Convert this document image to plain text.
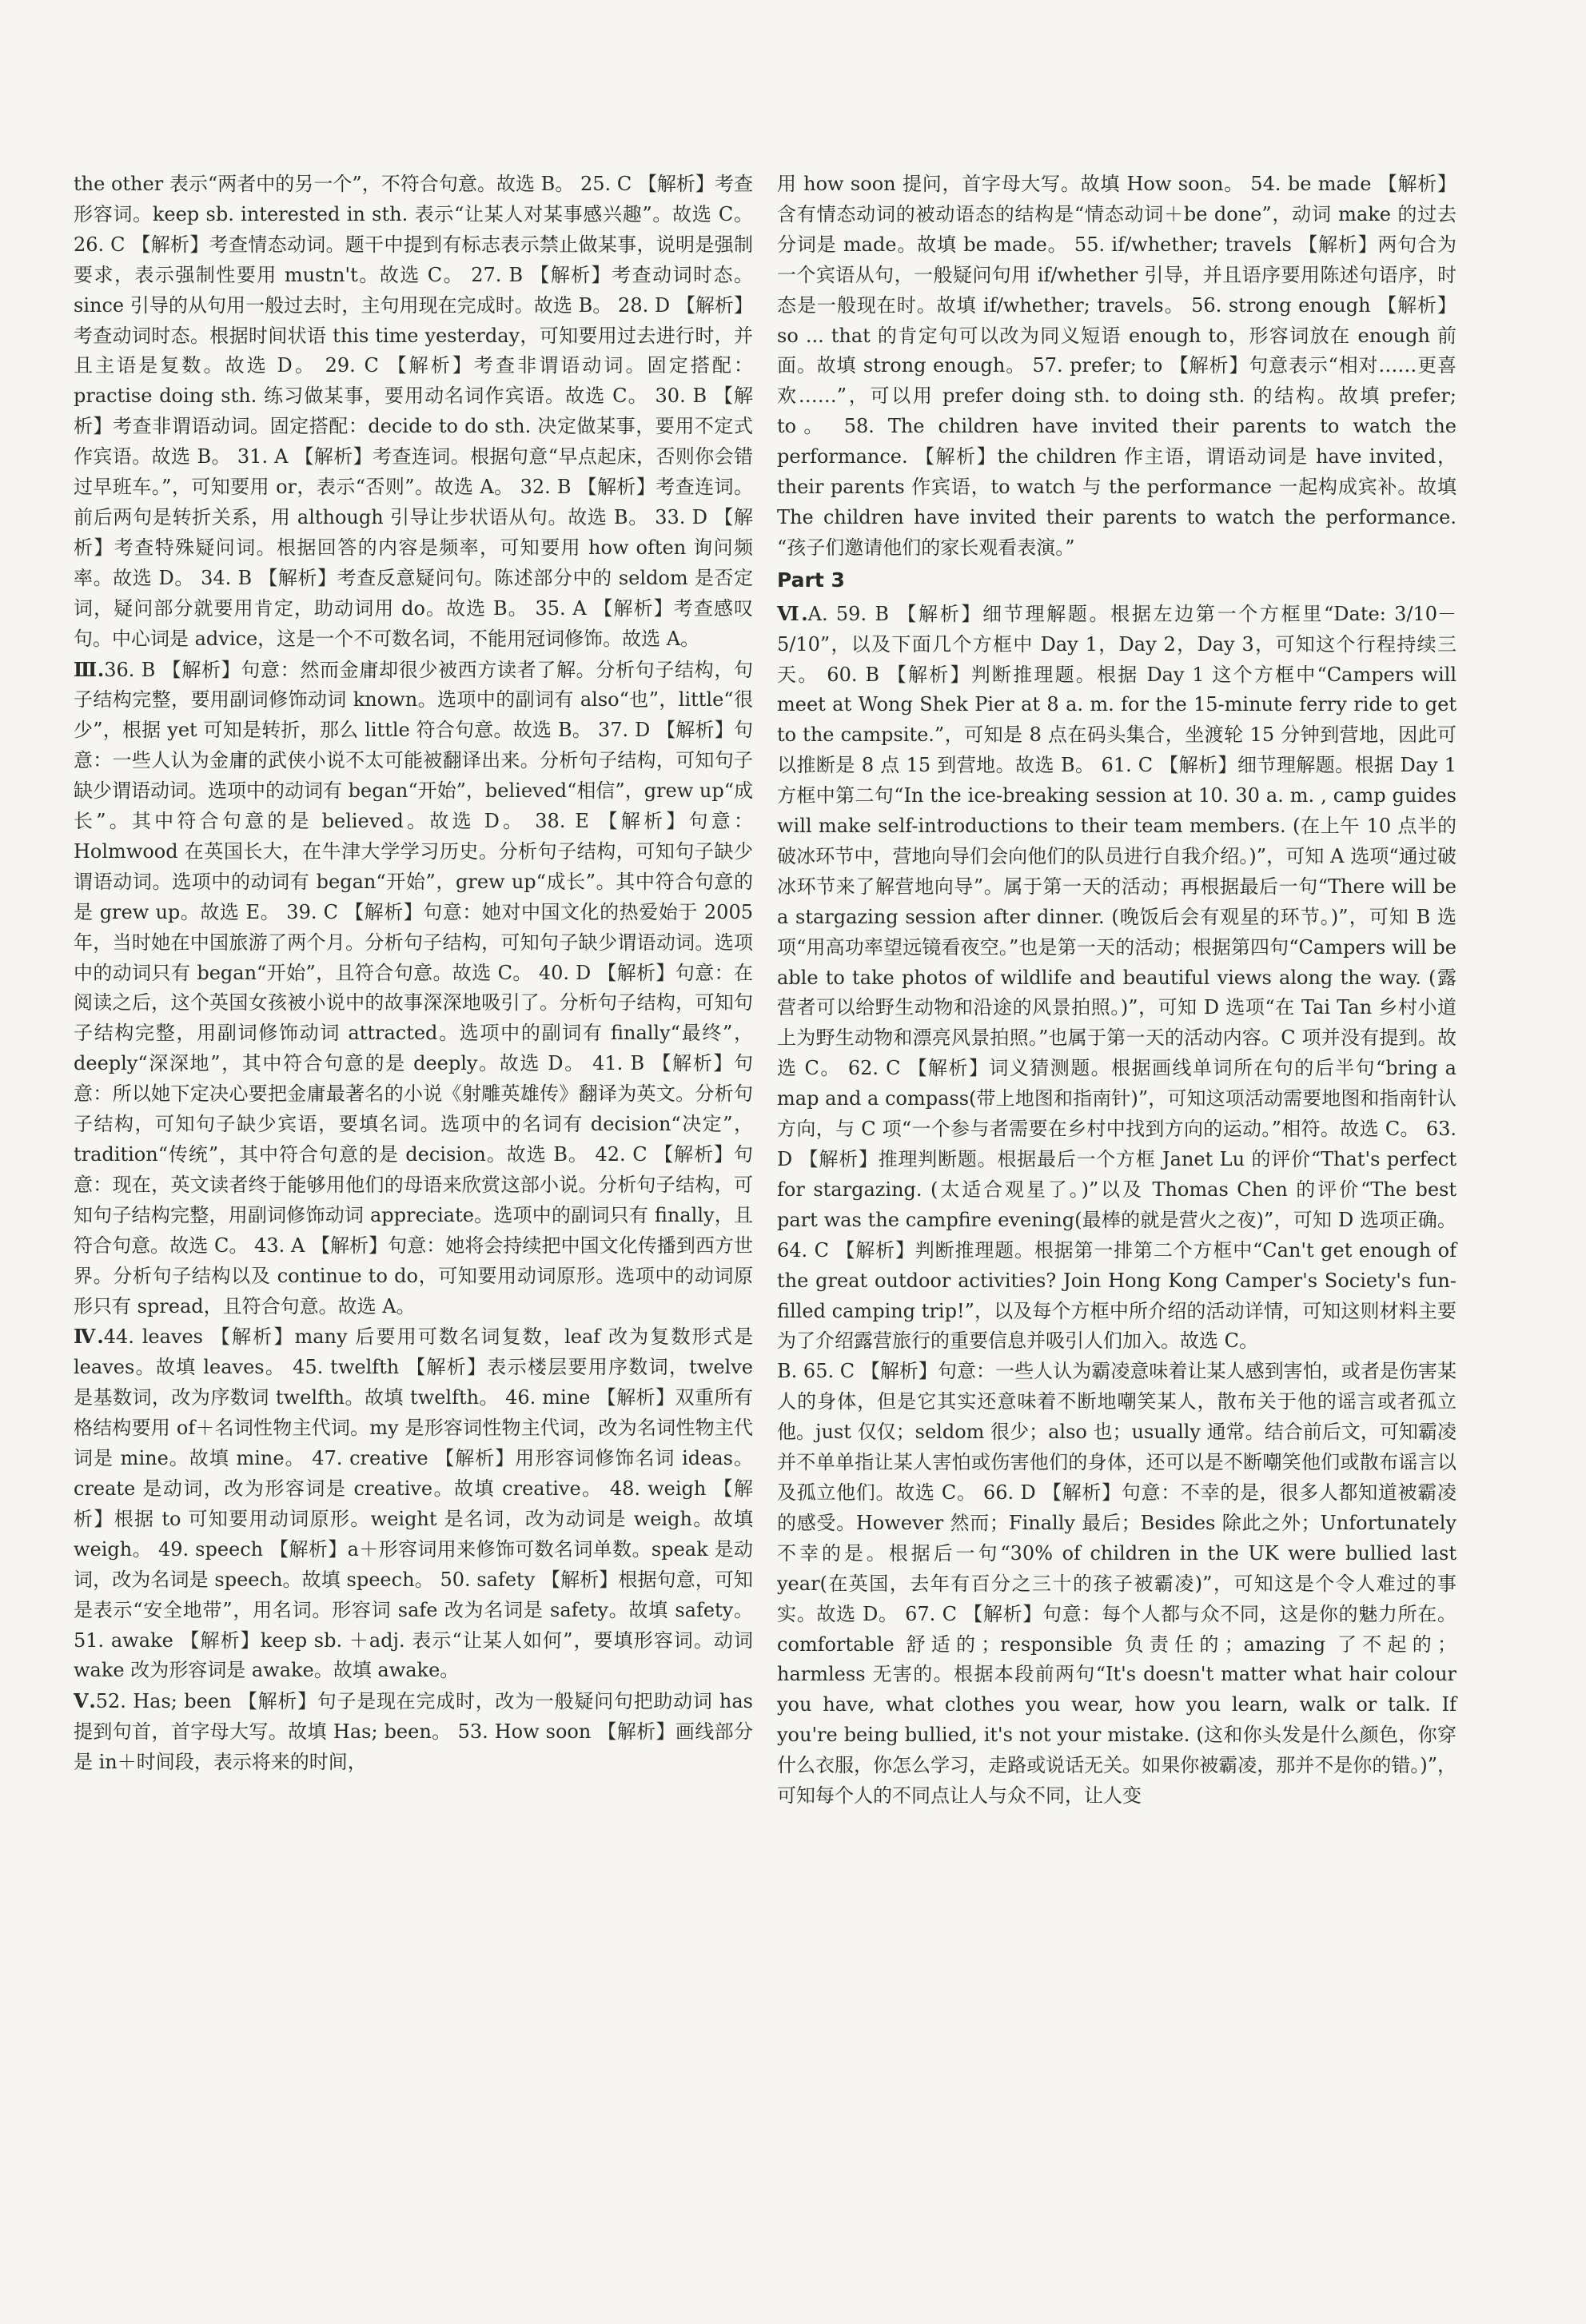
the other 表示“两者中的另一个”，不符合句意。故选 B。 25. C 【解析】考查形容词。keep sb. interested in sth. 表示“让某人对某事感兴趣”。故选 C。 26. C 【解析】考查情态动词。题干中提到有标志表示禁止做某事，说明是强制要求，表示强制性要用 mustn't。故选 C。 27. B 【解析】考查动词时态。since 引导的从句用一般过去时，主句用现在完成时。故选 B。 28. D 【解析】考查动词时态。根据时间状语 this time yesterday，可知要用过去进行时，并且主语是复数。故选 D。 29. C 【解析】考查非谓语动词。固定搭配：practise doing sth. 练习做某事，要用动名词作宾语。故选 C。 30. B 【解析】考查非谓语动词。固定搭配：decide to do sth. 决定做某事，要用不定式作宾语。故选 B。 31. A 【解析】考查连词。根据句意“早点起床，否则你会错过早班车。”，可知要用 or，表示“否则”。故选 A。 32. B 【解析】考查连词。前后两句是转折关系，用 although 引导让步状语从句。故选 B。 33. D 【解析】考查特殊疑问词。根据回答的内容是频率，可知要用 how often 询问频率。故选 D。 34. B 【解析】考查反意疑问句。陈述部分中的 seldom 是否定词，疑问部分就要用肯定，助动词用 do。故选 B。 35. A 【解析】考查感叹句。中心词是 advice，这是一个不可数名词，不能用冠词修饰。故选 A。

Ⅲ.36. B 【解析】句意：然而金庸却很少被西方读者了解。分析句子结构，句子结构完整，要用副词修饰动词 known。选项中的副词有 also“也”，little“很少”，根据 yet 可知是转折，那么 little 符合句意。故选 B。 37. D 【解析】句意：一些人认为金庸的武侠小说不太可能被翻译出来。分析句子结构，可知句子缺少谓语动词。选项中的动词有 began“开始”，believed“相信”，grew up“成长”。其中符合句意的是 believed。故选 D。 38. E 【解析】句意：Holmwood 在英国长大，在牛津大学学习历史。分析句子结构，可知句子缺少谓语动词。选项中的动词有 began“开始”，grew up“成长”。其中符合句意的是 grew up。故选 E。 39. C 【解析】句意：她对中国文化的热爱始于 2005 年，当时她在中国旅游了两个月。分析句子结构，可知句子缺少谓语动词。选项中的动词只有 began“开始”，且符合句意。故选 C。 40. D 【解析】句意：在阅读之后，这个英国女孩被小说中的故事深深地吸引了。分析句子结构，可知句子结构完整，用副词修饰动词 attracted。选项中的副词有 finally“最终”，deeply“深深地”，其中符合句意的是 deeply。故选 D。 41. B 【解析】句意：所以她下定决心要把金庸最著名的小说《射雕英雄传》翻译为英文。分析句子结构，可知句子缺少宾语，要填名词。选项中的名词有 decision“决定”，tradition“传统”，其中符合句意的是 decision。故选 B。 42. C 【解析】句意：现在，英文读者终于能够用他们的母语来欣赏这部小说。分析句子结构，可知句子结构完整，用副词修饰动词 appreciate。选项中的副词只有 finally，且符合句意。故选 C。 43. A 【解析】句意：她将会持续把中国文化传播到西方世界。分析句子结构以及 continue to do，可知要用动词原形。选项中的动词原形只有 spread，且符合句意。故选 A。

Ⅳ.44. leaves 【解析】many 后要用可数名词复数，leaf 改为复数形式是 leaves。故填 leaves。 45. twelfth 【解析】表示楼层要用序数词，twelve 是基数词，改为序数词 twelfth。故填 twelfth。 46. mine 【解析】双重所有格结构要用 of＋名词性物主代词。my 是形容词性物主代词，改为名词性物主代词是 mine。故填 mine。 47. creative 【解析】用形容词修饰名词 ideas。create 是动词，改为形容词是 creative。故填 creative。 48. weigh 【解析】根据 to 可知要用动词原形。weight 是名词，改为动词是 weigh。故填 weigh。 49. speech 【解析】a＋形容词用来修饰可数名词单数。speak 是动词，改为名词是 speech。故填 speech。 50. safety 【解析】根据句意，可知是表示“安全地带”，用名词。形容词 safe 改为名词是 safety。故填 safety。 51. awake 【解析】keep sb. ＋adj. 表示“让某人如何”，要填形容词。动词 wake 改为形容词是 awake。故填 awake。

Ⅴ.52. Has; been 【解析】句子是现在完成时，改为一般疑问句把助动词 has 提到句首，首字母大写。故填 Has; been。 53. How soon 【解析】画线部分是 in＋时间段，表示将来的时间，

用 how soon 提问，首字母大写。故填 How soon。 54. be made 【解析】含有情态动词的被动语态的结构是“情态动词＋be done”，动词 make 的过去分词是 made。故填 be made。 55. if/whether; travels 【解析】两句合为一个宾语从句，一般疑问句用 if/whether 引导，并且语序要用陈述句语序，时态是一般现在时。故填 if/whether; travels。 56. strong enough 【解析】so ... that 的肯定句可以改为同义短语 enough to，形容词放在 enough 前面。故填 strong enough。 57. prefer; to 【解析】句意表示“相对……更喜欢……”，可以用 prefer doing sth. to doing sth. 的结构。故填 prefer; to。 58. The children have invited their parents to watch the performance. 【解析】the children 作主语，谓语动词是 have invited，their parents 作宾语，to watch 与 the performance 一起构成宾补。故填 The children have invited their parents to watch the performance. “孩子们邀请他们的家长观看表演。”

Part 3

Ⅵ.A. 59. B 【解析】细节理解题。根据左边第一个方框里“Date: 3/10－5/10”，以及下面几个方框中 Day 1，Day 2，Day 3，可知这个行程持续三天。 60. B 【解析】判断推理题。根据 Day 1 这个方框中“Campers will meet at Wong Shek Pier at 8 a. m. for the 15-minute ferry ride to get to the campsite.”，可知是 8 点在码头集合，坐渡轮 15 分钟到营地，因此可以推断是 8 点 15 到营地。故选 B。 61. C 【解析】细节理解题。根据 Day 1 方框中第二句“In the ice-breaking session at 10. 30 a. m. , camp guides will make self-introductions to their team members. (在上午 10 点半的破冰环节中，营地向导们会向他们的队员进行自我介绍。)”，可知 A 选项“通过破冰环节来了解营地向导”。属于第一天的活动；再根据最后一句“There will be a stargazing session after dinner. (晚饭后会有观星的环节。)”，可知 B 选项“用高功率望远镜看夜空。”也是第一天的活动；根据第四句“Campers will be able to take photos of wildlife and beautiful views along the way. (露营者可以给野生动物和沿途的风景拍照。)”，可知 D 选项“在 Tai Tan 乡村小道上为野生动物和漂亮风景拍照。”也属于第一天的活动内容。C 项并没有提到。故选 C。 62. C 【解析】词义猜测题。根据画线单词所在句的后半句“bring a map and a compass(带上地图和指南针)”，可知这项活动需要地图和指南针认方向，与 C 项“一个参与者需要在乡村中找到方向的运动。”相符。故选 C。 63. D 【解析】推理判断题。根据最后一个方框 Janet Lu 的评价“That's perfect for stargazing. (太适合观星了。)”以及 Thomas Chen 的评价“The best part was the campfire evening(最棒的就是营火之夜)”，可知 D 选项正确。 64. C 【解析】判断推理题。根据第一排第二个方框中“Can't get enough of the great outdoor activities? Join Hong Kong Camper's Society's fun-filled camping trip!”，以及每个方框中所介绍的活动详情，可知这则材料主要为了介绍露营旅行的重要信息并吸引人们加入。故选 C。

B. 65. C 【解析】句意：一些人认为霸凌意味着让某人感到害怕，或者是伤害某人的身体，但是它其实还意味着不断地嘲笑某人，散布关于他的谣言或者孤立他。just 仅仅；seldom 很少；also 也；usually 通常。结合前后文，可知霸凌并不单单指让某人害怕或伤害他们的身体，还可以是不断嘲笑他们或散布谣言以及孤立他们。故选 C。 66. D 【解析】句意：不幸的是，很多人都知道被霸凌的感受。However 然而；Finally 最后；Besides 除此之外；Unfortunately 不幸的是。根据后一句“30% of children in the UK were bullied last year(在英国，去年有百分之三十的孩子被霸凌)”，可知这是个令人难过的事实。故选 D。 67. C 【解析】句意：每个人都与众不同，这是你的魅力所在。comfortable 舒适的；responsible 负责任的；amazing 了不起的；harmless 无害的。根据本段前两句“It's doesn't matter what hair colour you have, what clothes you wear, how you learn, walk or talk. If you're being bullied, it's not your mistake. (这和你头发是什么颜色，你穿什么衣服，你怎么学习，走路或说话无关。如果你被霸凌，那并不是你的错。)”，可知每个人的不同点让人与众不同，让人变
